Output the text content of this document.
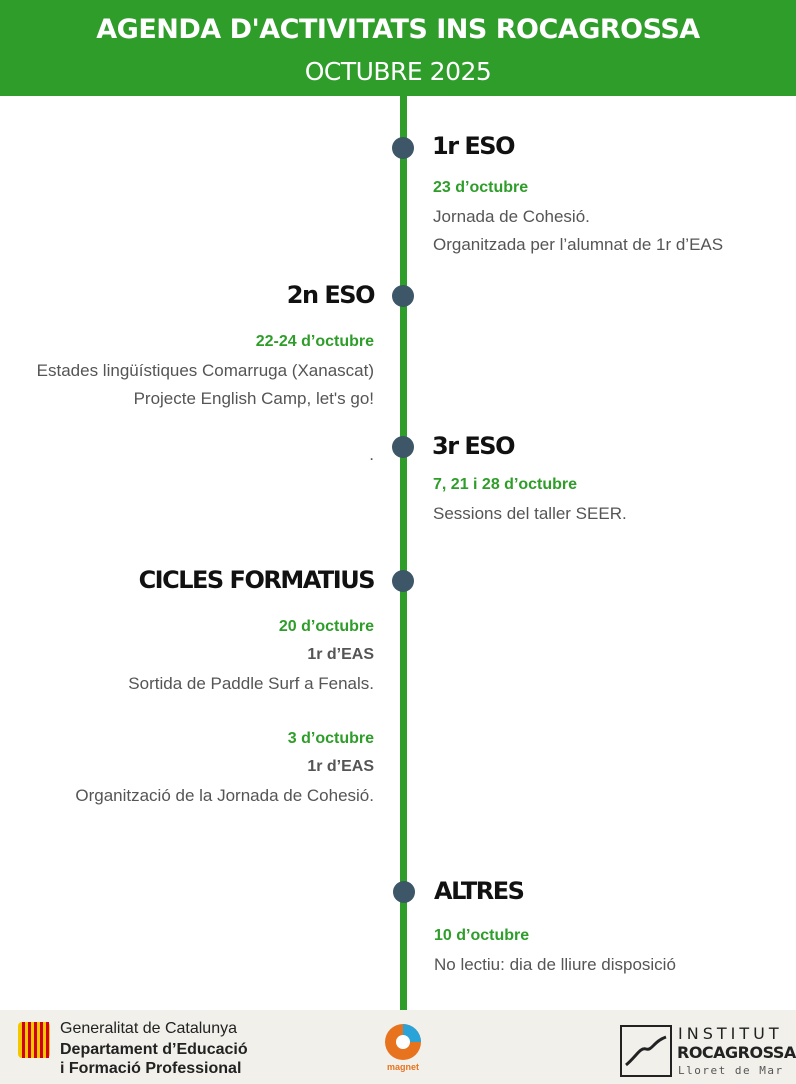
AGENDA D'ACTIVITATS INS ROCAGROSSA
OCTUBRE 2025
1r ESO
23 d’octubre
Jornada de Cohesió.
Organitzada per l’alumnat de 1r d’EAS
2n ESO
22-24 d’octubre
Estades lingüístiques Comarruga (Xanascat)
Projecte English Camp, let's go!
. 3r ESO
7, 21 i 28 d’octubre
Sessions del taller SEER.
CICLES FORMATIUS
20 d’octubre
1r d’EAS
Sortida de Paddle Surf a Fenals.
3 d’octubre
1r d’EAS
Organització de la Jornada de Cohesió.
ALTRES
10 d’octubre
No lectiu: dia de lliure disposició
Generalitat de Catalunya
Departament d’Educació
i Formació Professional	magnet
INSTITUT
ROCAGROSSA
Lloret de Mar
